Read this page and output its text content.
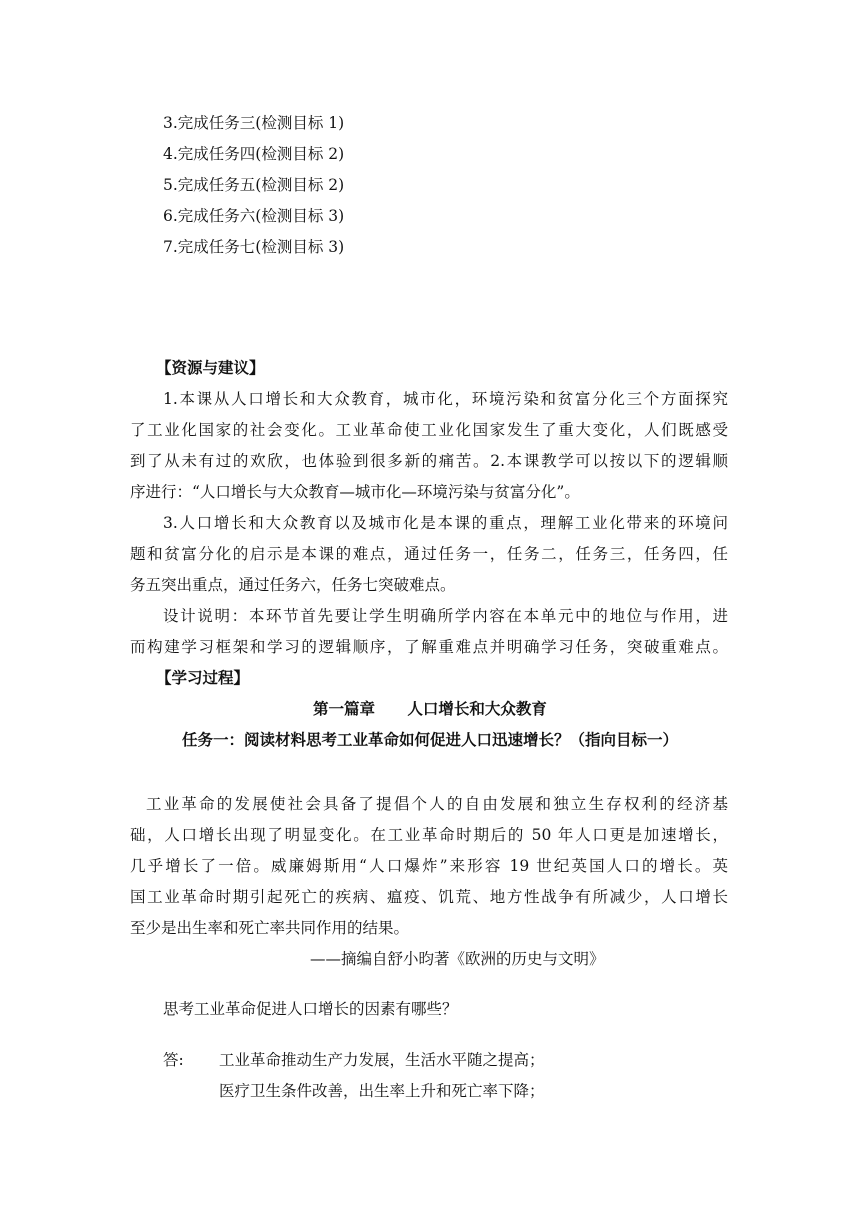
3.完成任务三(检测目标 1)
4.完成任务四(检测目标 2)
5.完成任务五(检测目标 2)
6.完成任务六(检测目标 3)
7.完成任务七(检测目标 3)
【资源与建议】
1.本课从人口增长和大众教育，城市化，环境污染和贫富分化三个方面探究
了工业化国家的社会变化。工业革命使工业化国家发生了重大变化，人们既感受
到了从未有过的欢欣，也体验到很多新的痛苦。2.本课教学可以按以下的逻辑顺
序进行：“人口增长与大众教育—城市化—环境污染与贫富分化”。
3.人口增长和大众教育以及城市化是本课的重点，理解工业化带来的环境问
题和贫富分化的启示是本课的难点，通过任务一，任务二，任务三，任务四，任
务五突出重点，通过任务六，任务七突破难点。
设计说明：本环节首先要让学生明确所学内容在本单元中的地位与作用，进
而构建学习框架和学习的逻辑顺序，了解重难点并明确学习任务，突破重难点。
【学习过程】
第一篇章      人口增长和大众教育
任务一：阅读材料思考工业革命如何促进人口迅速增长？（指向目标一）
工业革命的发展使社会具备了提倡个人的自由发展和独立生存权利的经济基
础，人口增长出现了明显变化。在工业革命时期后的 50 年人口更是加速增长，
几乎增长了一倍。威廉姆斯用“人口爆炸”来形容 19 世纪英国人口的增长。英
国工业革命时期引起死亡的疾病、瘟疫、饥荒、地方性战争有所减少，人口增长
至少是出生率和死亡率共同作用的结果。
——摘编自舒小昀著《欧洲的历史与文明》
思考工业革命促进人口增长的因素有哪些？
答: 工业革命推动生产力发展，生活水平随之提高；
医疗卫生条件改善，出生率上升和死亡率下降；
